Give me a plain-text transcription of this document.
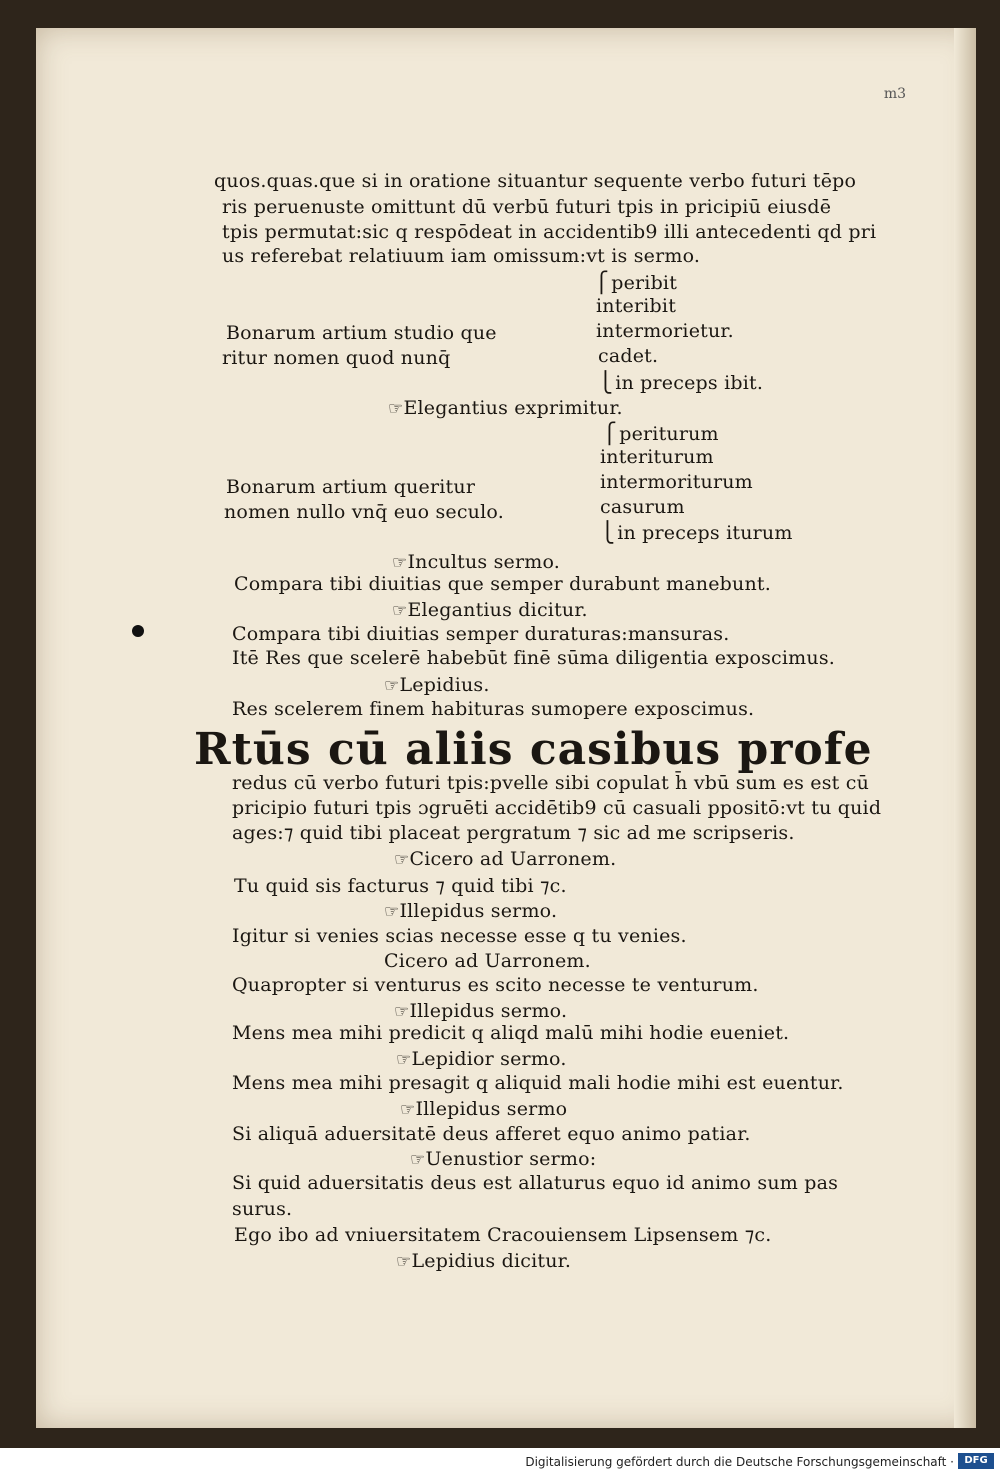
m3
quos.quas.que si in oratione situantur sequente verbo futuri tēpo
ris peruenuste omittunt dū verbū futuri tpis in pricipiū eiusdē
tpis permutat:sic q respōdeat in accidentib9 illi antecedenti qd pri
us referebat relatiuum iam omissum:vt is sermo.
⎧ peribit
interibit
Bonarum artium studio que	intermorietur.
ritur nomen quod nunq̄	cadet.
⎩ in preceps ibit.
☞ Elegantius exprimitur.
⎧ periturum
interiturum
Bonarum artium queritur	intermoriturum
nomen nullo vnq̄ euo seculo.	casurum
⎩ in preceps iturum
☞ Incultus sermo.
Compara tibi diuitias que semper durabunt manebunt.
☞ Elegantius dicitur.
Compara tibi diuitias semper duraturas:mansuras.
Itē Res que scelerē habebūt finē sūma diligentia exposcimus.
☞ Lepidius.
Res scelerem finem habituras sumopere exposcimus.
Rtūs cū aliis casibus profe
redus cū verbo futuri tpis:pvelle sibi copulat h̄ vbū sum es est cū
pricipio futuri tpis ɔgruēti accidētib9 cū casuali ppositō:vt tu quid
ages:⁊ quid tibi placeat pergratum ⁊ sic ad me scripseris.
☞ Cicero ad Uarronem.
Tu quid sis facturus ⁊ quid tibi ⁊c.
☞ Illepidus sermo.
Igitur si venies scias necesse esse q tu venies.
Cicero ad Uarronem.
Quapropter si venturus es scito necesse te venturum.
☞ Illepidus sermo.
Mens mea mihi predicit q aliqd malū mihi hodie eueniet.
☞ Lepidior sermo.
Mens mea mihi presagit q aliquid mali hodie mihi est euentur.
☞ Illepidus sermo
Si aliquā aduersitatē deus afferet equo animo patiar.
☞ Uenustior sermo:
Si quid aduersitatis deus est allaturus equo id animo sum pas
surus.
Ego ibo ad vniuersitatem Cracouiensem Lipsensem ⁊c.
☞ Lepidius dicitur.
Digitalisierung gefördert durch die Deutsche Forschungsgemeinschaft ·	DFG
